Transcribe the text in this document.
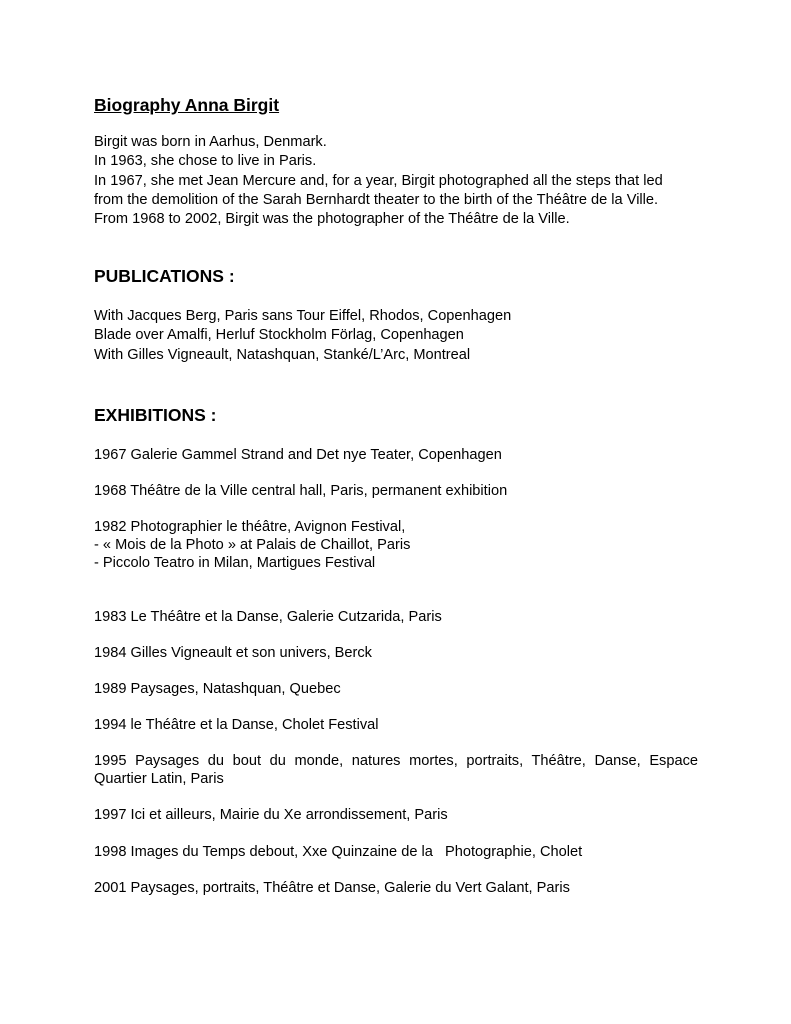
Biography Anna Birgit
Birgit was born in Aarhus, Denmark.
In 1963, she chose to live in Paris.
In 1967, she met Jean Mercure and, for a year, Birgit photographed all the steps that led
from the demolition of the Sarah Bernhardt theater to the birth of the Théâtre de la Ville.
From 1968 to 2002, Birgit was the photographer of the Théâtre de la Ville.
PUBLICATIONS :
With Jacques Berg, Paris sans Tour Eiffel, Rhodos, Copenhagen
Blade over Amalfi, Herluf Stockholm Förlag, Copenhagen
With Gilles Vigneault, Natashquan, Stanké/L’Arc, Montreal
EXHIBITIONS :
1967 Galerie Gammel Strand and Det nye Teater, Copenhagen
1968 Théâtre de la Ville central hall, Paris, permanent exhibition
1982 Photographier le théâtre, Avignon Festival,
- « Mois de la Photo » at Palais de Chaillot, Paris
- Piccolo Teatro in Milan, Martigues Festival
1983 Le Théâtre et la Danse, Galerie Cutzarida, Paris
1984 Gilles Vigneault et son univers, Berck
1989 Paysages, Natashquan, Quebec
1994 le Théâtre et la Danse, Cholet Festival
1995 Paysages du bout du monde, natures mortes, portraits, Théâtre, Danse, Espace
Quartier Latin, Paris
1997 Ici et ailleurs, Mairie du Xe arrondissement, Paris
1998 Images du Temps debout, Xxe Quinzaine de la   Photographie, Cholet
2001 Paysages, portraits, Théâtre et Danse, Galerie du Vert Galant, Paris
